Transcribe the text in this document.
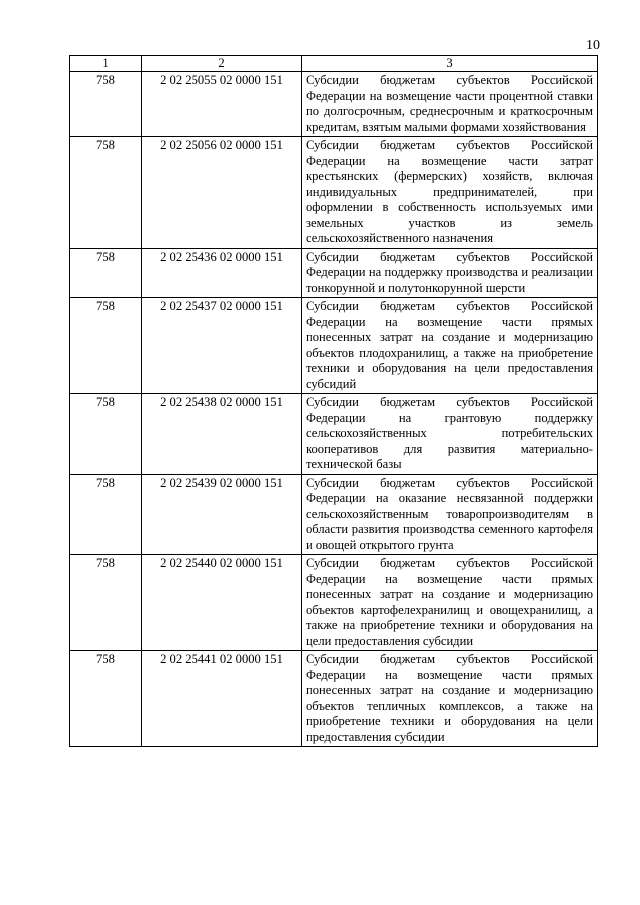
10
1	2	3
758	2 02 25055 02 0000 151	Субсидии бюджетам субъектов Российской Федерации на возмещение части процентной ставки по долгосрочным, среднесрочным и краткосрочным кредитам, взятым малыми формами хозяйствования
758	2 02 25056 02 0000 151	Субсидии бюджетам субъектов Российской Федерации на возмещение части затрат крестьянских (фермерских) хозяйств, включая индивидуальных предпринимателей, при оформлении в собственность используемых ими земельных участков из земель сельскохозяйственного назначения
758	2 02 25436 02 0000 151	Субсидии бюджетам субъектов Российской Федерации на поддержку производства и реализации тонкорунной и полутонкорунной шерсти
758	2 02 25437 02 0000 151	Субсидии бюджетам субъектов Российской Федерации на возмещение части прямых понесенных затрат на создание и модернизацию объектов плодохранилищ, а также на приобретение техники и оборудования на цели предоставления субсидий
758	2 02 25438 02 0000 151	Субсидии бюджетам субъектов Российской Федерации на грантовую поддержку сельскохозяйственных потребительских кооперативов для развития материально-технической базы
758	2 02 25439 02 0000 151	Субсидии бюджетам субъектов Российской Федерации на оказание несвязанной поддержки сельскохозяйственным товаропроизводителям в области развития производства семенного картофеля и овощей открытого грунта
758	2 02 25440 02 0000 151	Субсидии бюджетам субъектов Российской Федерации на возмещение части прямых понесенных затрат на создание и модернизацию объектов картофелехранилищ и овощехранилищ, а также на приобретение техники и оборудования на цели предоставления субсидии
758	2 02 25441 02 0000 151	Субсидии бюджетам субъектов Российской Федерации на возмещение части прямых понесенных затрат на создание и модернизацию объектов тепличных комплексов, а также на приобретение техники и оборудования на цели предоставления субсидии
